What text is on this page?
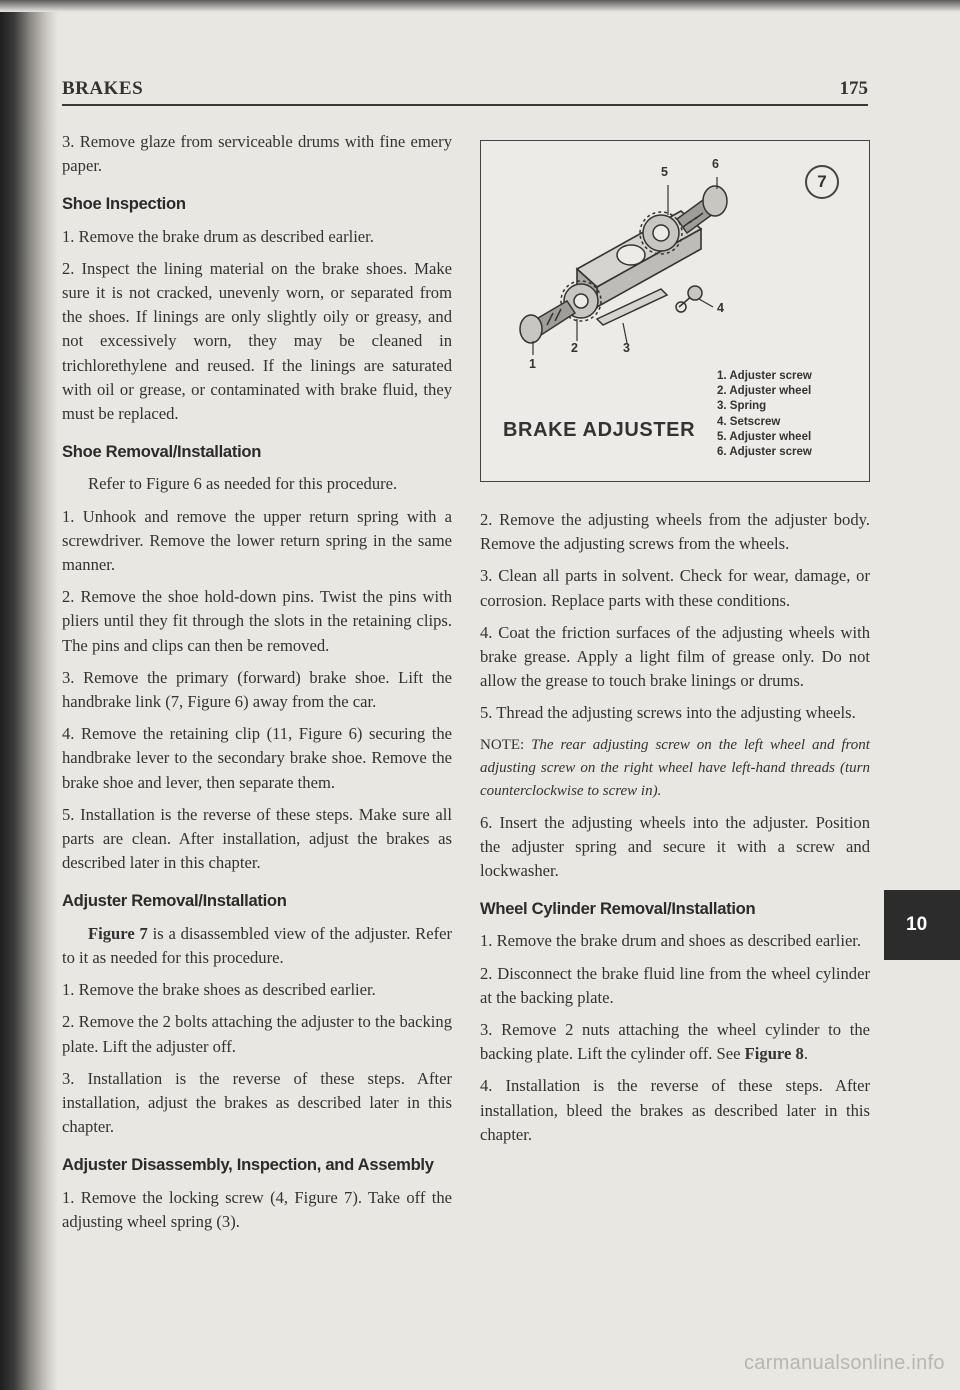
BRAKES	175

3. Remove glaze from serviceable drums with fine emery paper.

Shoe Inspection

1. Remove the brake drum as described earlier.

2. Inspect the lining material on the brake shoes. Make sure it is not cracked, unevenly worn, or separated from the shoes. If linings are only slightly oily or greasy, and not excessively worn, they may be cleaned in trichlorethylene and reused. If the linings are saturated with oil or grease, or contaminated with brake fluid, they must be replaced.

Shoe Removal/Installation

Refer to Figure 6 as needed for this procedure.

1. Unhook and remove the upper return spring with a screwdriver. Remove the lower return spring in the same manner.

2. Remove the shoe hold-down pins. Twist the pins with pliers until they fit through the slots in the retaining clips. The pins and clips can then be removed.

3. Remove the primary (forward) brake shoe. Lift the handbrake link (7, Figure 6) away from the car.

4. Remove the retaining clip (11, Figure 6) securing the handbrake lever to the secondary brake shoe. Remove the brake shoe and lever, then separate them.

5. Installation is the reverse of these steps. Make sure all parts are clean. After installation, adjust the brakes as described later in this chapter.

Adjuster Removal/Installation

Figure 7 is a disassembled view of the adjuster. Refer to it as needed for this procedure.

1. Remove the brake shoes as described earlier.

2. Remove the 2 bolts attaching the adjuster to the backing plate. Lift the adjuster off.

3. Installation is the reverse of these steps. After installation, adjust the brakes as described later in this chapter.

Adjuster Disassembly, Inspection, and Assembly

1. Remove the locking screw (4, Figure 7). Take off the adjusting wheel spring (3).

7
5
6
4
1
2	3
1. Adjuster screw
2. Adjuster wheel
3. Spring
4. Setscrew
5. Adjuster wheel
6. Adjuster screw
BRAKE ADJUSTER

2. Remove the adjusting wheels from the adjuster body. Remove the adjusting screws from the wheels.

3. Clean all parts in solvent. Check for wear, damage, or corrosion. Replace parts with these conditions.

4. Coat the friction surfaces of the adjusting wheels with brake grease. Apply a light film of grease only. Do not allow the grease to touch brake linings or drums.

5. Thread the adjusting screws into the adjusting wheels.

NOTE: The rear adjusting screw on the left wheel and front adjusting screw on the right wheel have left-hand threads (turn counterclockwise to screw in).

6. Insert the adjusting wheels into the adjuster. Position the adjuster spring and secure it with a screw and lockwasher.

Wheel Cylinder Removal/Installation

1. Remove the brake drum and shoes as described earlier.

2. Disconnect the brake fluid line from the wheel cylinder at the backing plate.

3. Remove 2 nuts attaching the wheel cylinder to the backing plate. Lift the cylinder off. See Figure 8.

4. Installation is the reverse of these steps. After installation, bleed the brakes as described later in this chapter.

10
carmanualsonline.info
